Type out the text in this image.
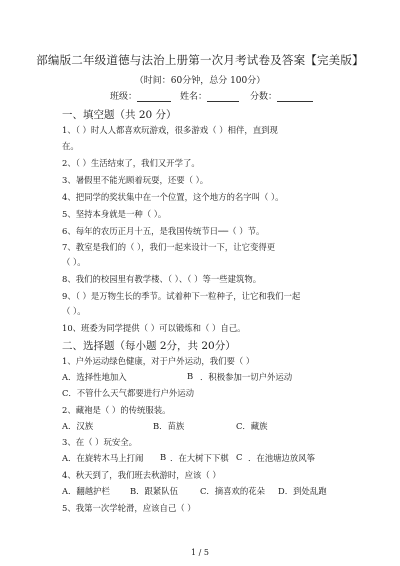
部编版二年级道德与法治上册第一次月考试卷及答案【完美版】
（时间：60分钟，总分 100分）
班级：	姓名：	分数：
一、填空题（共 20 分）
1、（ ）时人人都喜欢玩游戏，很多游戏（ ）相伴，直到现
在。
2、（ ）生活结束了，我们又开学了。
3、暑假里不能光顾着玩耍，还要（ ）。
4、把同学的奖状集中在一个位置，这个地方的名字叫（ ）。
5、坚持本身就是一种（ ）。
6、每年的农历正月十五，是我国传统节日──（ ）节。
7、教室是我们的（ ），我们一起来设计一下，让它变得更
（ ）。
8、我们的校园里有教学楼、（ ）、（ ）等一些建筑物。
9、（ ）是万物生长的季节。试着种下一粒种子，让它和我们一起
（ ）。
10、班委为同学提供（ ）可以锻炼和（ ）自己。
二、选择题（每小题 2分，共 20分）
1、户外运动绿色健康，对于户外运动，我们要（ ）
A．选择性地加入	B ．积极参加一切户外运动
C．不管什么天气都要进行户外运动
2、藏袍是（ ）的传统服装。
A．汉族	B．苗族	C．藏族
3、在（ ）玩安全。
A．在旋转木马上打闹 B ．在大树下下棋 C ．在池塘边放风筝
4、秋天到了，我们班去秋游时，应该（ ）
A．翻越护栏 B．跟紧队伍	C．摘喜欢的花朵 D．到处乱跑
5、我第一次学轮滑，应该自己（ ）
1 / 5
